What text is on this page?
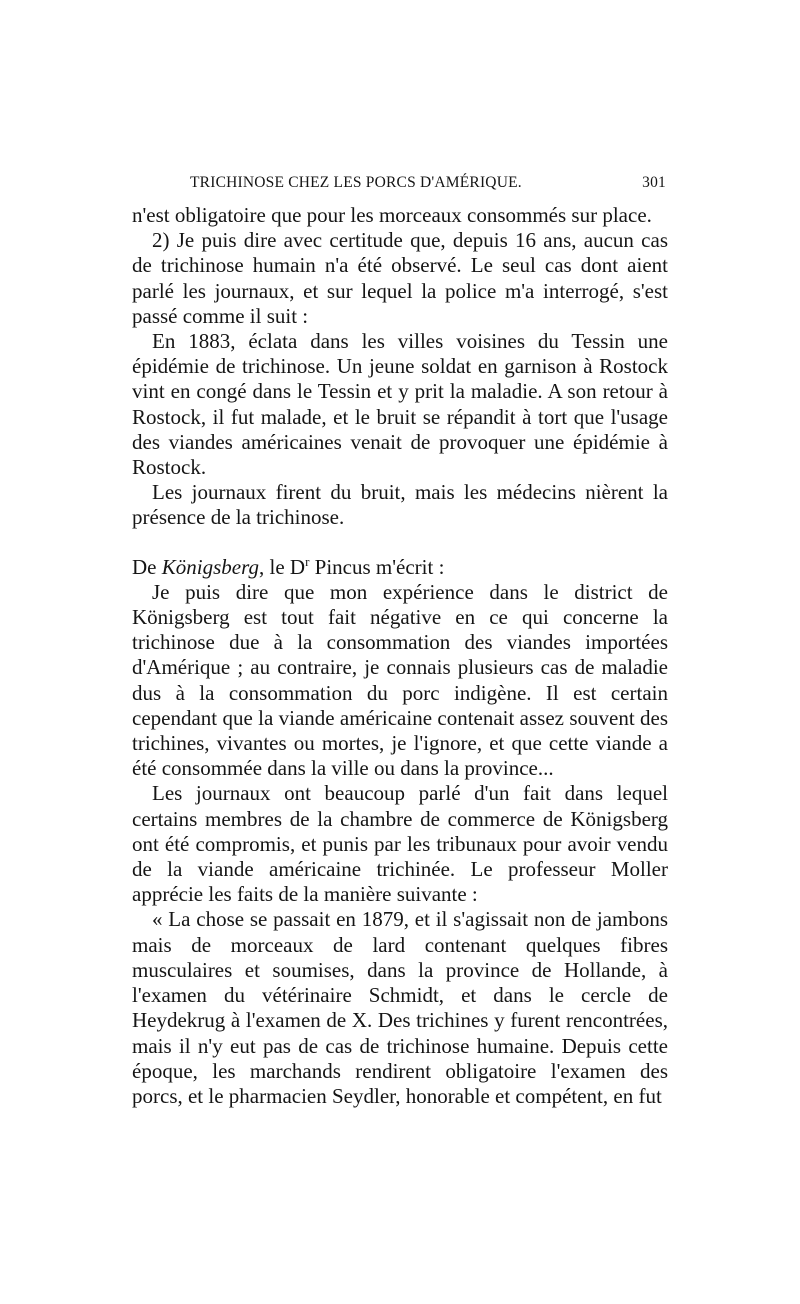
TRICHINOSE CHEZ LES PORCS D'AMÉRIQUE.	301

n'est obligatoire que pour les morceaux consommés sur place.

2) Je puis dire avec certitude que, depuis 16 ans, aucun cas de trichinose humain n'a été observé. Le seul cas dont aient parlé les journaux, et sur lequel la police m'a interrogé, s'est passé comme il suit :

En 1883, éclata dans les villes voisines du Tessin une épidémie de trichinose. Un jeune soldat en garnison à Rostock vint en congé dans le Tessin et y prit la maladie. A son retour à Rostock, il fut malade, et le bruit se répandit à tort que l'usage des viandes américaines venait de provoquer une épidémie à Rostock.

Les journaux firent du bruit, mais les médecins nièrent la présence de la trichinose.

De Königsberg, le $D^r$ Pincus m'écrit :

Je puis dire que mon expérience dans le district de Königsberg est tout fait négative en ce qui concerne la trichinose due à la consommation des viandes importées d'Amérique ; au contraire, je connais plusieurs cas de maladie dus à la consommation du porc indigène. Il est certain cependant que la viande américaine contenait assez souvent des trichines, vivantes ou mortes, je l'ignore, et que cette viande a été consommée dans la ville ou dans la province...

Les journaux ont beaucoup parlé d'un fait dans lequel certains membres de la chambre de commerce de Königsberg ont été compromis, et punis par les tribunaux pour avoir vendu de la viande américaine trichinée. Le professeur Moller apprécie les faits de la manière suivante :

« La chose se passait en 1879, et il s'agissait non de jambons mais de morceaux de lard contenant quelques fibres musculaires et soumises, dans la province de Hollande, à l'examen du vétérinaire Schmidt, et dans le cercle de Heydekrug à l'examen de X. Des trichines y furent rencontrées, mais il n'y eut pas de cas de trichinose humaine. Depuis cette époque, les marchands rendirent obligatoire l'examen des porcs, et le pharmacien Seydler, honorable et compétent, en fut
